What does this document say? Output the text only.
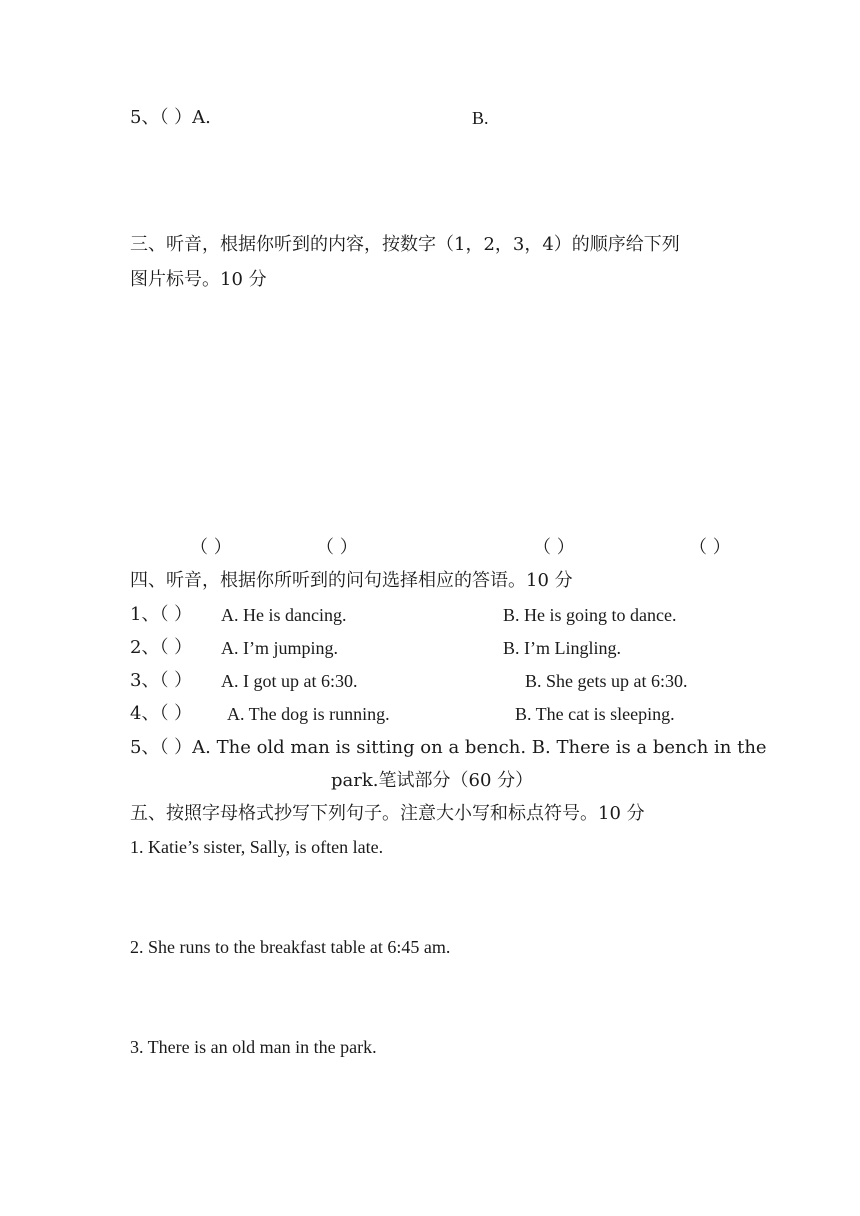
5、（ ）A.	B.
三、听音，根据你听到的内容，按数字（1，2，3，4）的顺序给下列
图片标号。10 分
（ ）	（ ）	（ ）	（ ）
四、听音，根据你所听到的问句选择相应的答语。10 分
1、（ ） A. He is dancing.	B. He is going to dance.
2、（ ） A. I’m jumping.	B. I’m Lingling.
3、（ ） A. I got up at 6:30.	B. She gets up at 6:30.
4、（ ） A. The dog is running.	B. The cat is sleeping.
5、（ ）A. The old man is sitting on a bench. B. There is a bench in the
park.笔试部分（60 分）
五、按照字母格式抄写下列句子。注意大小写和标点符号。10 分
1. Katie’s sister, Sally, is often late.
2. She runs to the breakfast table at 6:45 am.
3. There is an old man in the park.
